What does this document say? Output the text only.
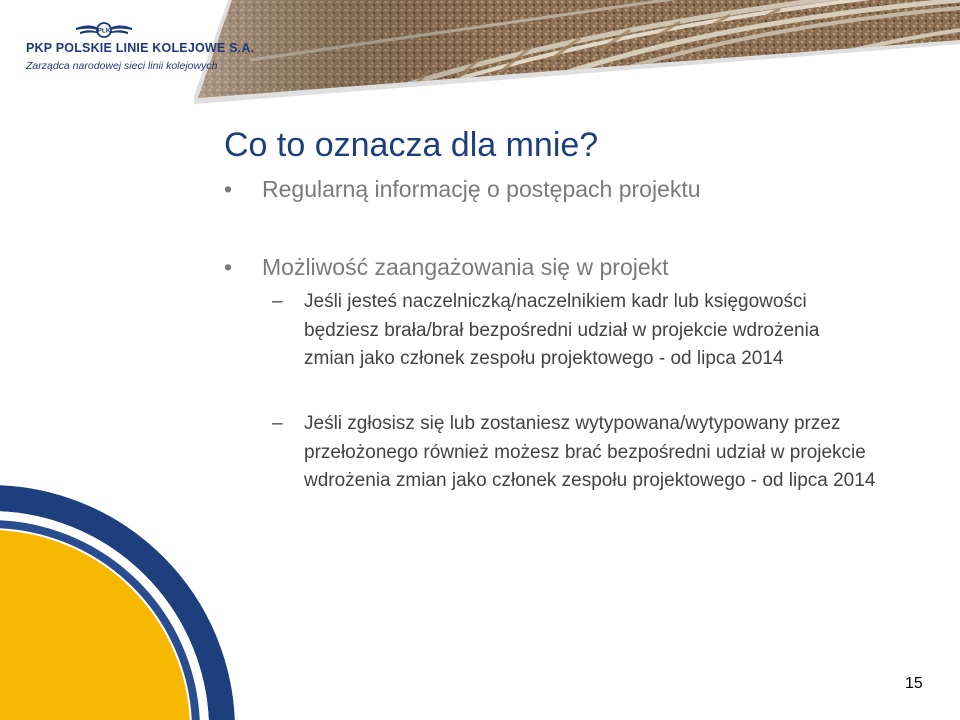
PLK
PKP POLSKIE LINIE KOLEJOWE S.A.
Zarządca narodowej sieci linii kolejowych
Co to oznacza dla mnie?
• Regularną informację o postępach projektu
• Możliwość zaangażowania się w projekt
– Jeśli jesteś naczelniczką/naczelnikiem kadr lub księgowości będziesz brała/brał bezpośredni udział w projekcie wdrożenia zmian jako członek zespołu projektowego - od lipca 2014
– Jeśli zgłosisz się lub zostaniesz wytypowana/wytypowany przez przełożonego również możesz brać bezpośredni udział w projekcie wdrożenia zmian jako członek zespołu projektowego - od lipca 2014
15
